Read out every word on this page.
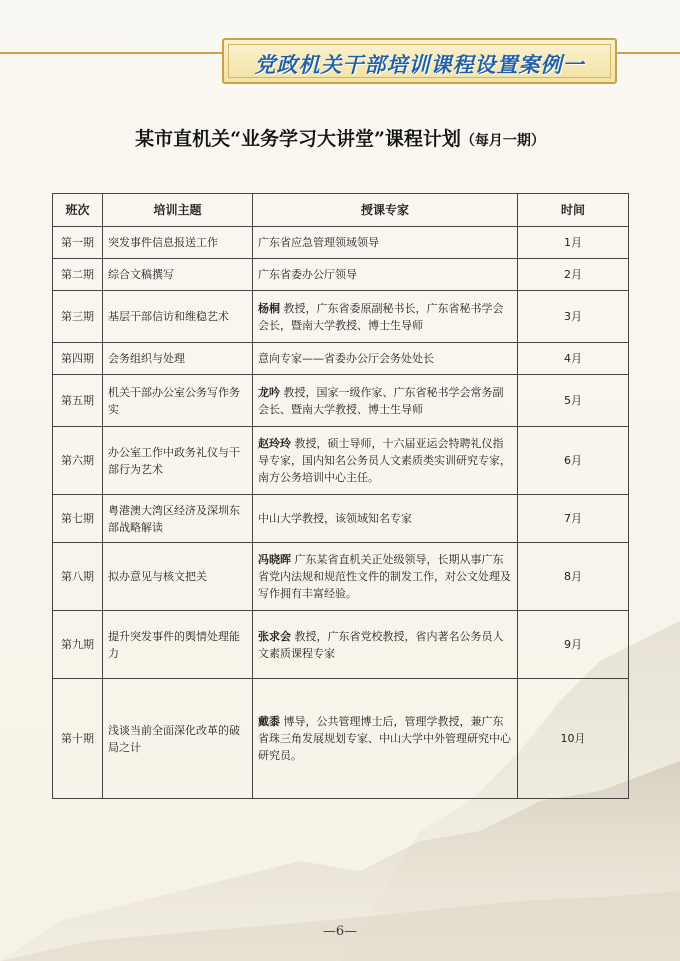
党政机关干部培训课程设置案例一
某市直机关“业务学习大讲堂”课程计划（每月一期）
班次	培训主题	授课专家	时间
第一期	突发事件信息报送工作	广东省应急管理领域领导	1月
第二期	综合文稿撰写	广东省委办公厅领导	2月
第三期	基层干部信访和维稳艺术	杨桐 教授，广东省委原副秘书长，广东省秘书学会会长，暨南大学教授、博士生导师	3月
第四期	会务组织与处理	意向专家——省委办公厅会务处处长	4月
第五期	机关干部办公室公务写作务实	龙吟 教授，国家一级作家、广东省秘书学会常务副会长、暨南大学教授、博士生导师	5月
第六期	办公室工作中政务礼仪与干部行为艺术	赵玲玲 教授，硕士导师，十六届亚运会特聘礼仪指导专家，国内知名公务员人文素质类实训研究专家，南方公务培训中心主任。	6月
第七期	粤港澳大湾区经济及深圳东部战略解读	中山大学教授，该领域知名专家	7月
第八期	拟办意见与核文把关	冯晓晖 广东某省直机关正处级领导，长期从事广东省党内法规和规范性文件的制发工作，对公文处理及写作拥有丰富经验。	8月
第九期	提升突发事件的舆情处理能力	张求会 教授，广东省党校教授，省内著名公务员人文素质课程专家	9月
第十期	浅谈当前全面深化改革的破局之计	戴黍 博导，公共管理博士后，管理学教授，兼广东省珠三角发展规划专家、中山大学中外管理研究中心研究员。	10月
—6—
